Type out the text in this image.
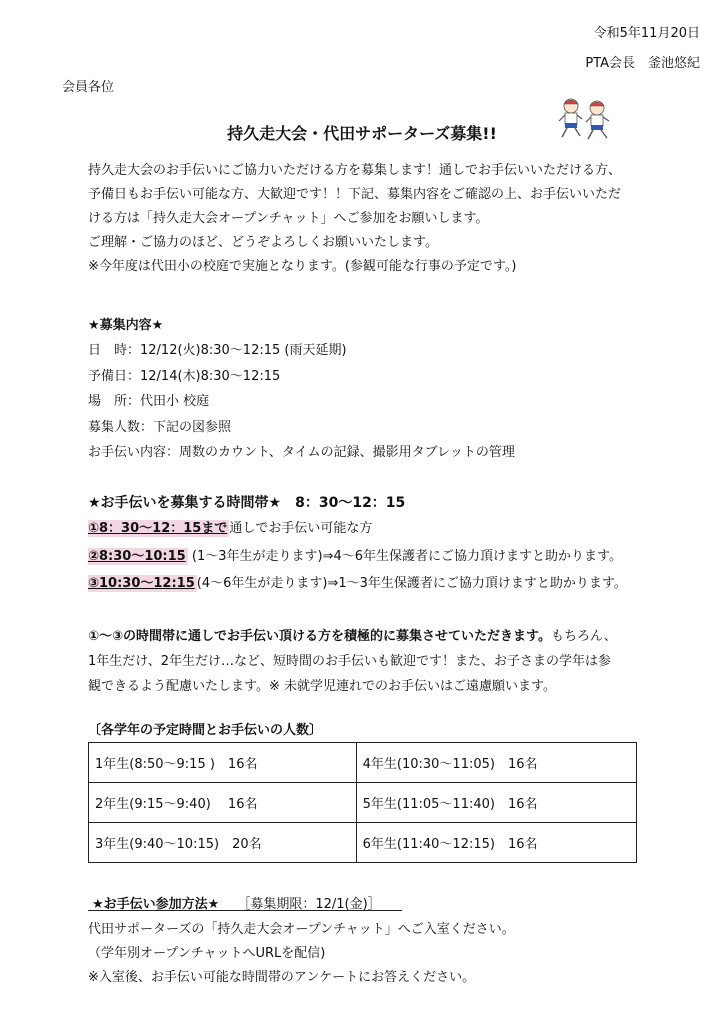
令和5年11月20日
PTA会長　釜池悠紀
会員各位
持久走大会・代田サポーターズ募集!!
持久走大会のお手伝いにご協力いただける方を募集します！通しでお手伝いいただける方、
予備日もお手伝い可能な方、大歓迎です！！下記、募集内容をご確認の上、お手伝いいただ
ける方は「持久走大会オープンチャット」へご参加をお願いします。
ご理解・ご協力のほど、どうぞよろしくお願いいたします。
※今年度は代田小の校庭で実施となります。(参観可能な行事の予定です。)
★募集内容★
日　時：12/12(火)8:30〜12:15 (雨天延期)
予備日：12/14(木)8:30〜12:15
場　所：代田小 校庭
募集人数：下記の図参照
お手伝い内容：周数のカウント、タイムの記録、撮影用タブレットの管理
★お手伝いを募集する時間帯★　8：30〜12：15
①8：30〜12：15まで 通しでお手伝い可能な方
②8:30〜10:15 (1〜3年生が走ります)⇒4〜6年生保護者にご協力頂けますと助かります。
③10:30〜12:15 (4〜6年生が走ります)⇒1〜3年生保護者にご協力頂けますと助かります。
①〜③の時間帯に通しでお手伝い頂ける方を積極的に募集させていただきます。もちろん、
1年生だけ、2年生だけ…など、短時間のお手伝いも歓迎です！また、お子さまの学年は参
観できるよう配慮いたします。※ 未就学児連れでのお手伝いはご遠慮願います。
〔各学年の予定時間とお手伝いの人数〕
1年生(8:50〜9:15 )　16名	4年生(10:30〜11:05)　16名
2年生(9:15〜9:40)　 16名	5年生(11:05〜11:40)　16名
3年生(9:40〜10:15)　20名	6年生(11:40〜12:15)　16名
★お手伝い参加方法★ ［募集期限：12/1(金)］
代田サポーターズの「持久走大会オープンチャット」へご入室ください。
（学年別オープンチャットへURLを配信)
※入室後、お手伝い可能な時間帯のアンケートにお答えください。
